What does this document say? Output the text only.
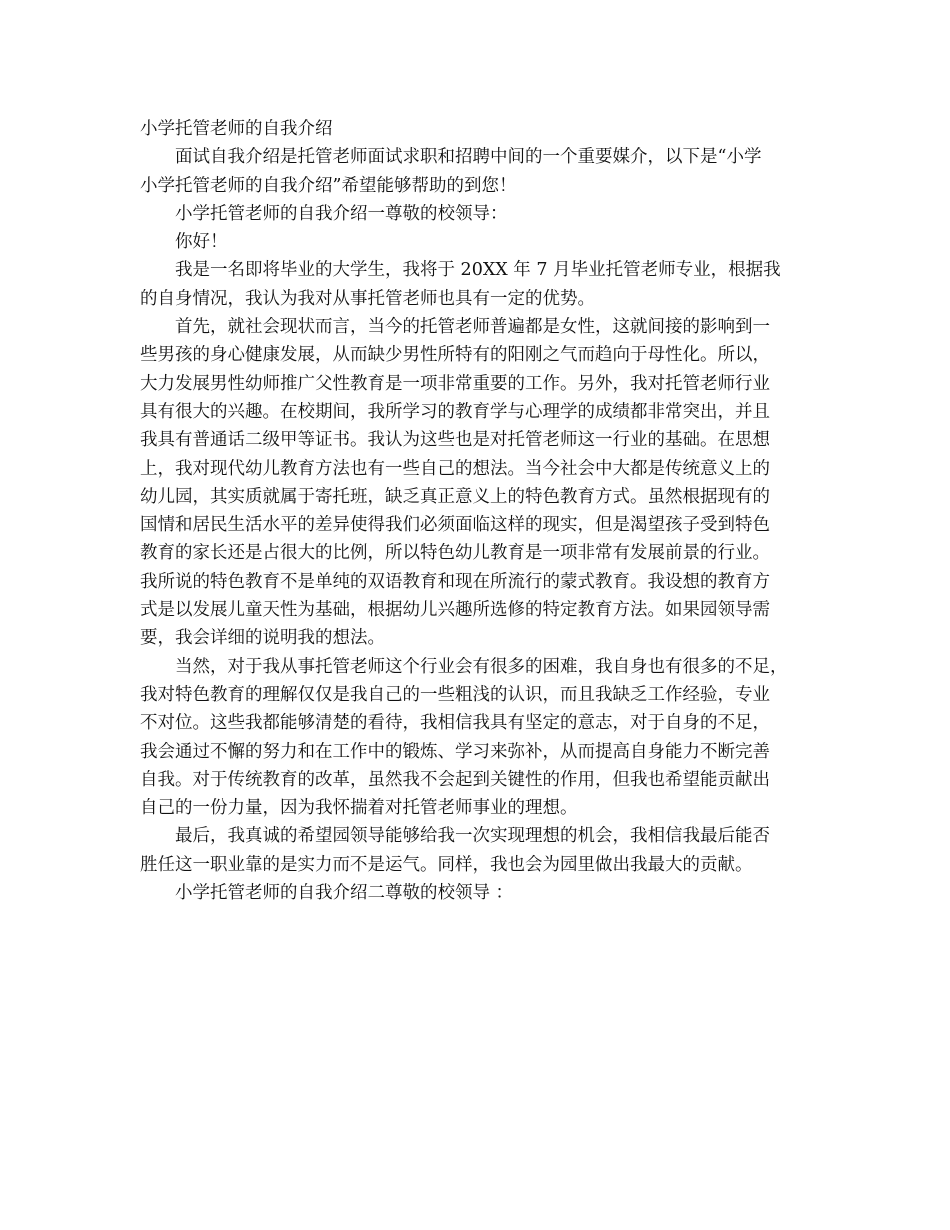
小学托管老师的自我介绍
面试自我介绍是托管老师面试求职和招聘中间的一个重要媒介，以下是“小学
小学托管老师的自我介绍”希望能够帮助的到您！
小学托管老师的自我介绍一尊敬的校领导：
你好！
我是一名即将毕业的大学生，我将于 20XX 年 7 月毕业托管老师专业，根据我
的自身情况，我认为我对从事托管老师也具有一定的优势。
首先，就社会现状而言，当今的托管老师普遍都是女性，这就间接的影响到一
些男孩的身心健康发展，从而缺少男性所特有的阳刚之气而趋向于母性化。所以，
大力发展男性幼师推广父性教育是一项非常重要的工作。另外，我对托管老师行业
具有很大的兴趣。在校期间，我所学习的教育学与心理学的成绩都非常突出，并且
我具有普通话二级甲等证书。我认为这些也是对托管老师这一行业的基础。在思想
上，我对现代幼儿教育方法也有一些自己的想法。当今社会中大都是传统意义上的
幼儿园，其实质就属于寄托班，缺乏真正意义上的特色教育方式。虽然根据现有的
国情和居民生活水平的差异使得我们必须面临这样的现实，但是渴望孩子受到特色
教育的家长还是占很大的比例，所以特色幼儿教育是一项非常有发展前景的行业。
我所说的特色教育不是单纯的双语教育和现在所流行的蒙式教育。我设想的教育方
式是以发展儿童天性为基础，根据幼儿兴趣所选修的特定教育方法。如果园领导需
要，我会详细的说明我的想法。
当然，对于我从事托管老师这个行业会有很多的困难，我自身也有很多的不足，
我对特色教育的理解仅仅是我自己的一些粗浅的认识，而且我缺乏工作经验，专业
不对位。这些我都能够清楚的看待，我相信我具有坚定的意志，对于自身的不足，
我会通过不懈的努力和在工作中的锻炼、学习来弥补，从而提高自身能力不断完善
自我。对于传统教育的改革，虽然我不会起到关键性的作用，但我也希望能贡献出
自己的一份力量，因为我怀揣着对托管老师事业的理想。
最后，我真诚的希望园领导能够给我一次实现理想的机会，我相信我最后能否
胜任这一职业靠的是实力而不是运气。同样，我也会为园里做出我最大的贡献。
小学托管老师的自我介绍二尊敬的校领导 ：
